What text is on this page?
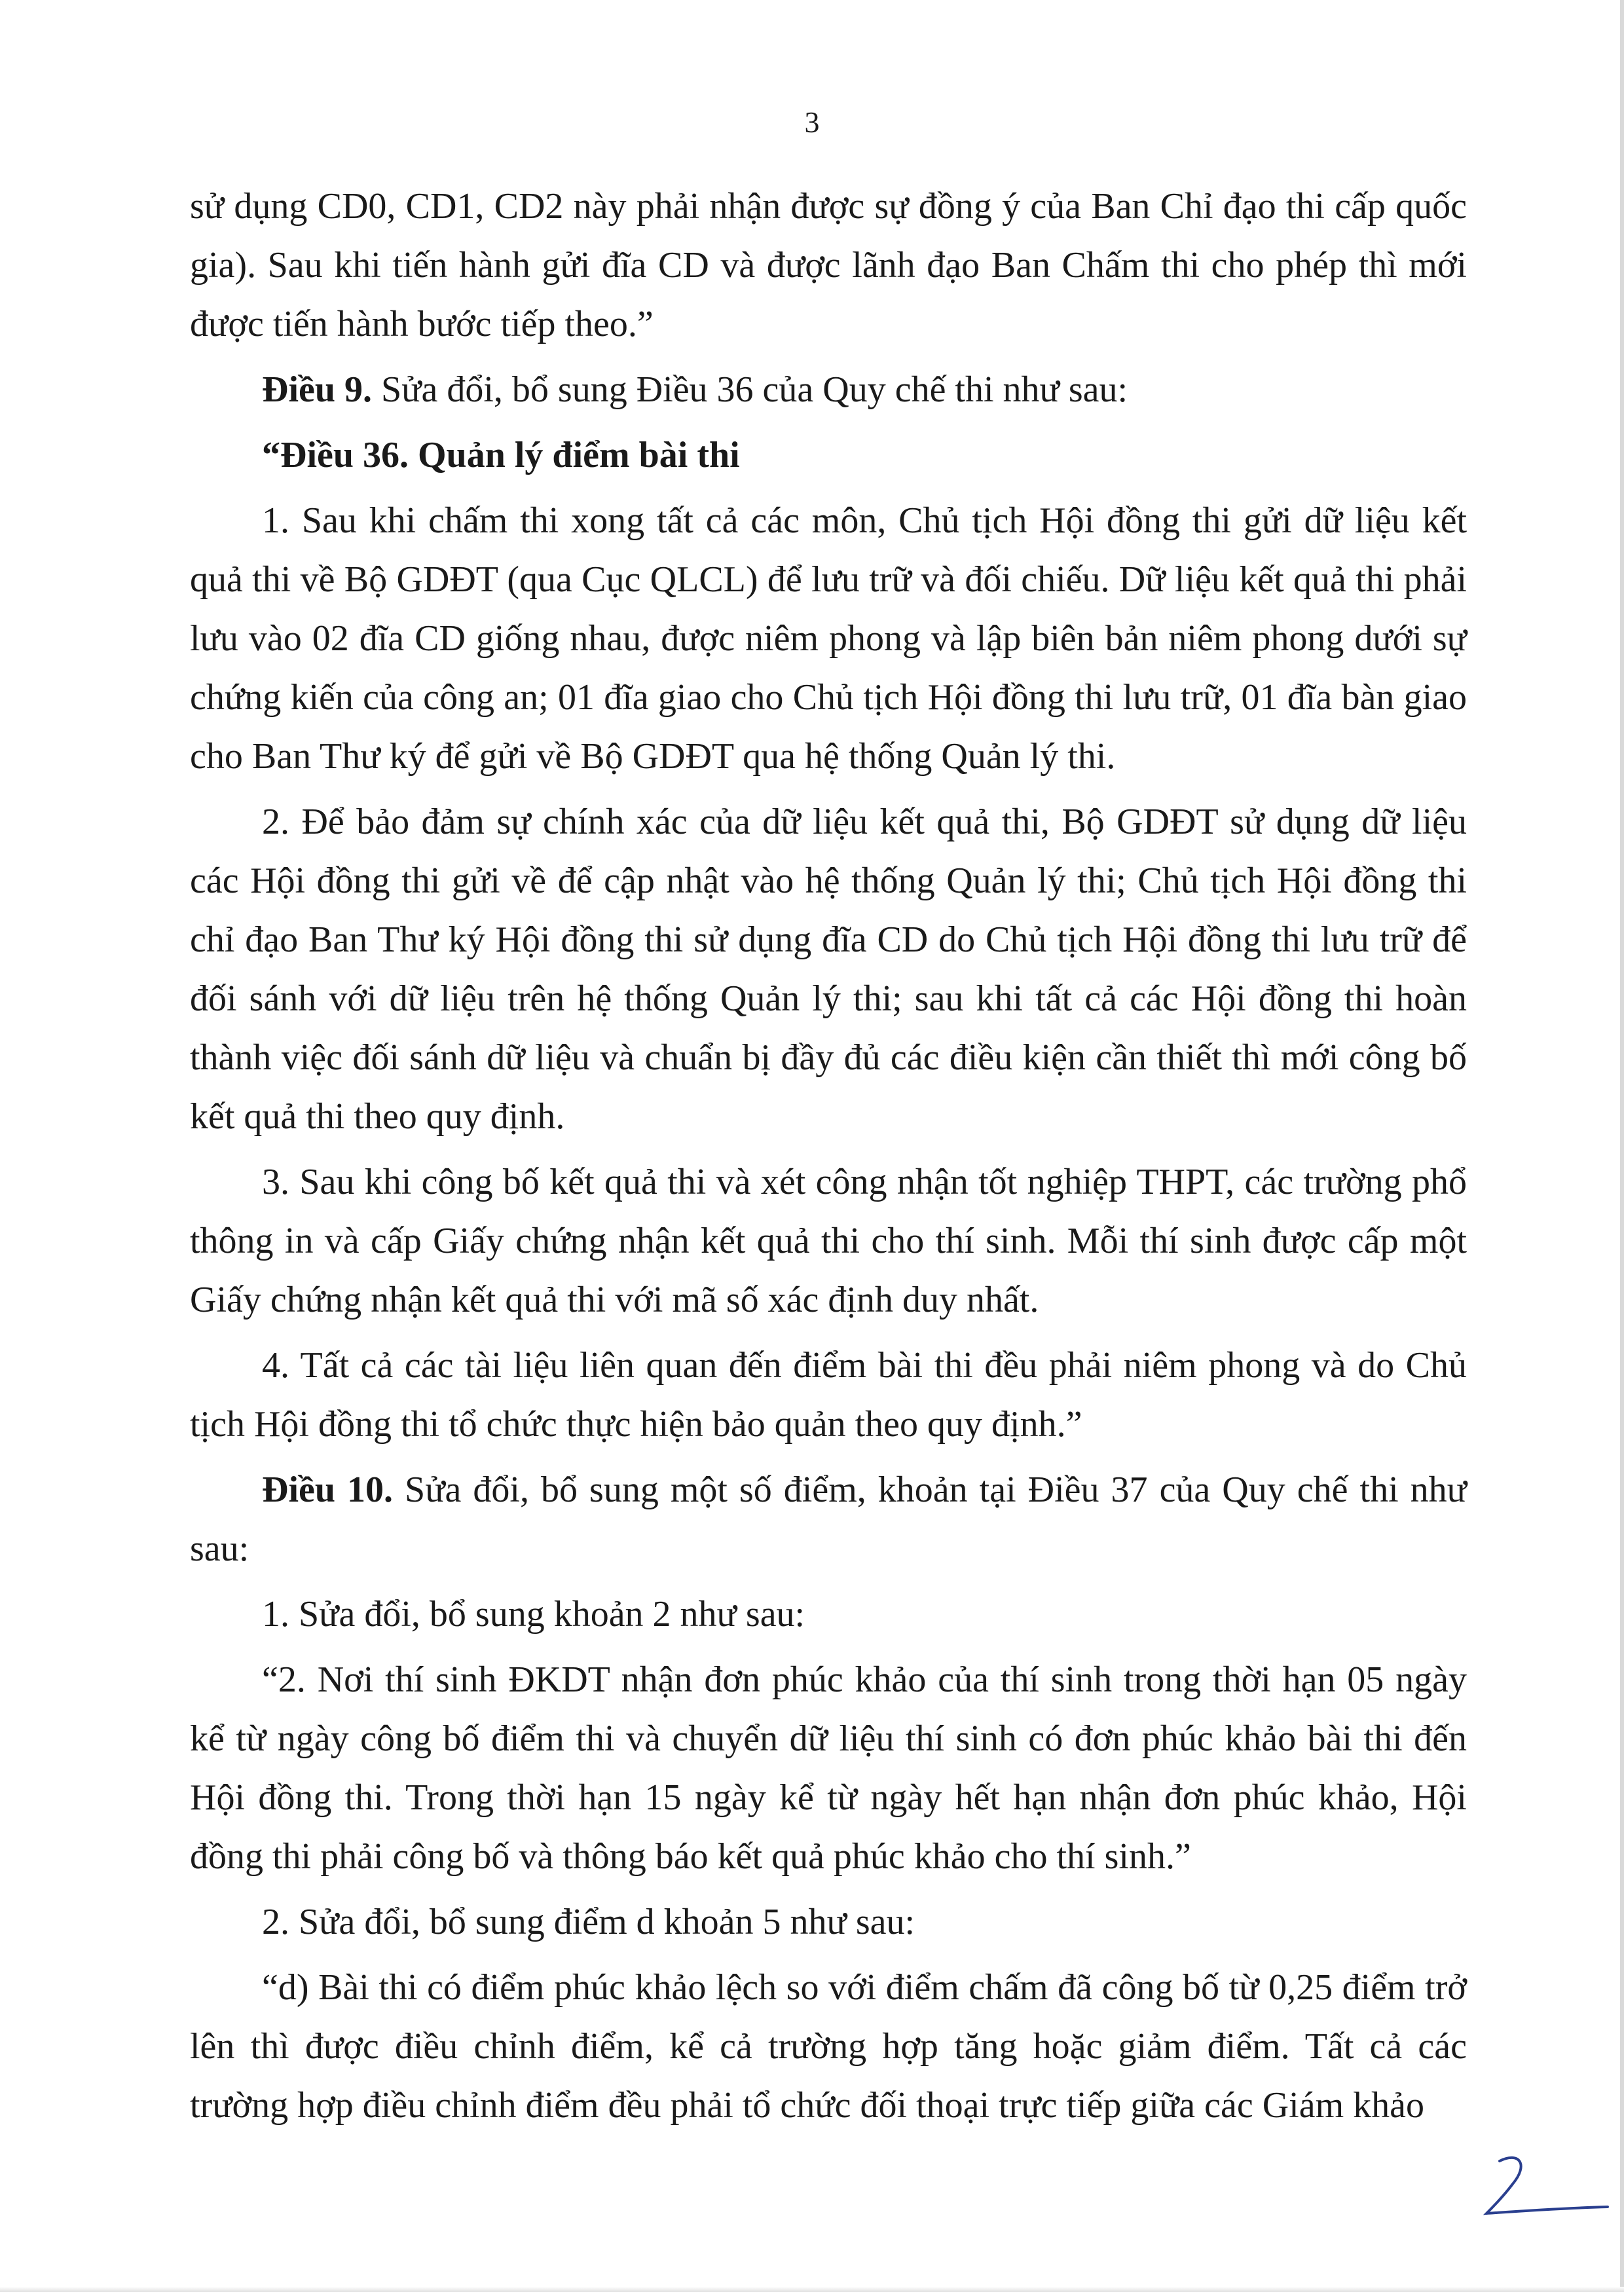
3

sử dụng CD0, CD1, CD2 này phải nhận được sự đồng ý của Ban Chỉ đạo thi cấp quốc gia). Sau khi tiến hành gửi đĩa CD và được lãnh đạo Ban Chấm thi cho phép thì mới được tiến hành bước tiếp theo.”

Điều 9. Sửa đổi, bổ sung Điều 36 của Quy chế thi như sau:

“Điều 36. Quản lý điểm bài thi

1. Sau khi chấm thi xong tất cả các môn, Chủ tịch Hội đồng thi gửi dữ liệu kết quả thi về Bộ GDĐT (qua Cục QLCL) để lưu trữ và đối chiếu. Dữ liệu kết quả thi phải lưu vào 02 đĩa CD giống nhau, được niêm phong và lập biên bản niêm phong dưới sự chứng kiến của công an; 01 đĩa giao cho Chủ tịch Hội đồng thi lưu trữ, 01 đĩa bàn giao cho Ban Thư ký để gửi về Bộ GDĐT qua hệ thống Quản lý thi.

2. Để bảo đảm sự chính xác của dữ liệu kết quả thi, Bộ GDĐT sử dụng dữ liệu các Hội đồng thi gửi về để cập nhật vào hệ thống Quản lý thi; Chủ tịch Hội đồng thi chỉ đạo Ban Thư ký Hội đồng thi sử dụng đĩa CD do Chủ tịch Hội đồng thi lưu trữ để đối sánh với dữ liệu trên hệ thống Quản lý thi; sau khi tất cả các Hội đồng thi hoàn thành việc đối sánh dữ liệu và chuẩn bị đầy đủ các điều kiện cần thiết thì mới công bố kết quả thi theo quy định.

3. Sau khi công bố kết quả thi và xét công nhận tốt nghiệp THPT, các trường phổ thông in và cấp Giấy chứng nhận kết quả thi cho thí sinh. Mỗi thí sinh được cấp một Giấy chứng nhận kết quả thi với mã số xác định duy nhất.

4. Tất cả các tài liệu liên quan đến điểm bài thi đều phải niêm phong và do Chủ tịch Hội đồng thi tổ chức thực hiện bảo quản theo quy định.”

Điều 10. Sửa đổi, bổ sung một số điểm, khoản tại Điều 37 của Quy chế thi như sau:

1. Sửa đổi, bổ sung khoản 2 như sau:

“2. Nơi thí sinh ĐKDT nhận đơn phúc khảo của thí sinh trong thời hạn 05 ngày kể từ ngày công bố điểm thi và chuyển dữ liệu thí sinh có đơn phúc khảo bài thi đến Hội đồng thi. Trong thời hạn 15 ngày kể từ ngày hết hạn nhận đơn phúc khảo, Hội đồng thi phải công bố và thông báo kết quả phúc khảo cho thí sinh.”

2. Sửa đổi, bổ sung điểm d khoản 5 như sau:

“d) Bài thi có điểm phúc khảo lệch so với điểm chấm đã công bố từ 0,25 điểm trở lên thì được điều chỉnh điểm, kể cả trường hợp tăng hoặc giảm điểm. Tất cả các trường hợp điều chỉnh điểm đều phải tổ chức đối thoại trực tiếp giữa các Giám khảo
